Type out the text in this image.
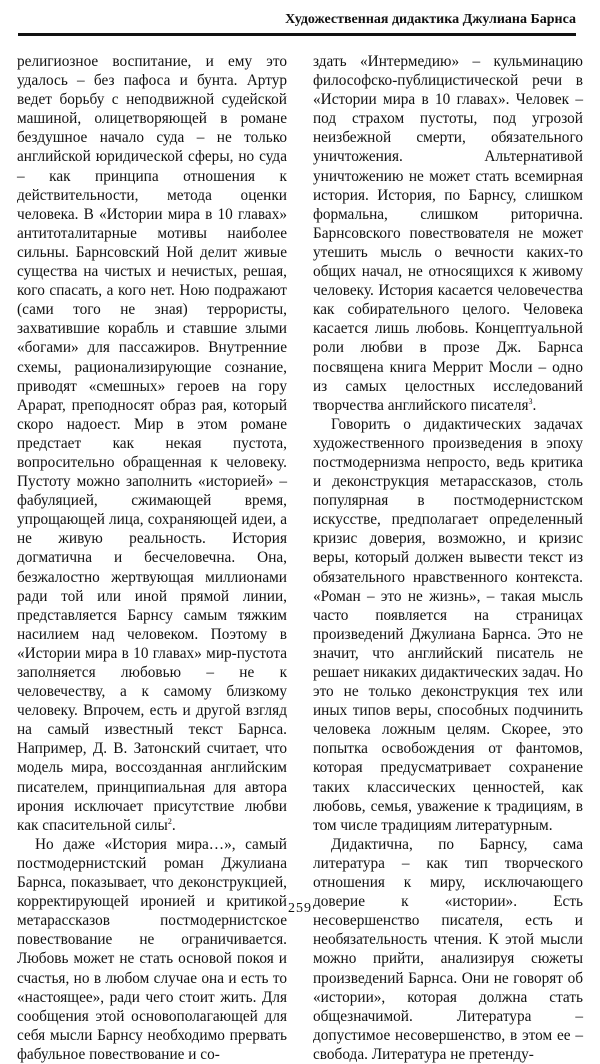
Художественная дидактика Джулиана Барнса

религиозное воспитание, и ему это удалось – без пафоса и бунта. Артур ведет борьбу с неподвижной судейской машиной, олицетворяющей в романе бездушное начало суда – не только английской юридической сферы, но суда – как принципа отношения к действительности, метода оценки человека. В «Истории мира в 10 главах» антитоталитарные мотивы наиболее сильны. Барнсовский Ной делит живые существа на чистых и нечистых, решая, кого спасать, а кого нет. Ною подражают (сами того не зная) террористы, захватившие корабль и ставшие злыми «богами» для пассажиров. Внутренние схемы, рационализирующие сознание, приводят «смешных» героев на гору Арарат, преподносят образ рая, который скоро надоест. Мир в этом романе предстает как некая пустота, вопросительно обращенная к человеку. Пустоту можно заполнить «историей» – фабуляцией, сжимающей время, упрощающей лица, сохраняющей идеи, а не живую реальность. История догматична и бесчеловечна. Она, безжалостно жертвующая миллионами ради той или иной прямой линии, представляется Барнсу самым тяжким насилием над человеком. Поэтому в «Истории мира в 10 главах» мир-пустота заполняется любовью – не к человечеству, а к самому близкому человеку. Впрочем, есть и другой взгляд на самый известный текст Барнса. Например, Д. В. Затонский считает, что модель мира, воссозданная английским писателем, принципиальная для автора ирония исключает присутствие любви как спасительной силы$^2$.

Но даже «История мира…», самый постмодернистский роман Джулиана Барнса, показывает, что деконструкцией, корректирующей иронией и критикой метарассказов постмодернистское повествование не ограничивается. Любовь может не стать основой покоя и счастья, но в любом случае она и есть то «настоящее», ради чего стоит жить. Для сообщения этой основополагающей для себя мысли Барнсу необходимо прервать фабульное повествование и со-

здать «Интермедию» – кульминацию философско-публицистической речи в «Истории мира в 10 главах». Человек – под страхом пустоты, под угрозой неизбежной смерти, обязательного уничтожения. Альтернативой уничтожению не может стать всемирная история. История, по Барнсу, слишком формальна, слишком риторична. Барнсовского повествователя не может утешить мысль о вечности каких-то общих начал, не относящихся к живому человеку. История касается человечества как собирательного целого. Человека касается лишь любовь. Концептуальной роли любви в прозе Дж. Барнса посвящена книга Меррит Мосли – одно из самых целостных исследований творчества английского писателя$^3$.

Говорить о дидактических задачах художественного произведения в эпоху постмодернизма непросто, ведь критика и деконструкция метарассказов, столь популярная в постмодернистском искусстве, предполагает определенный кризис доверия, возможно, и кризис веры, который должен вывести текст из обязательного нравственного контекста. «Роман – это не жизнь», – такая мысль часто появляется на страницах произведений Джулиана Барнса. Это не значит, что английский писатель не решает никаких дидактических задач. Но это не только деконструкция тех или иных типов веры, способных подчинить человека ложным целям. Скорее, это попытка освобождения от фантомов, которая предусматривает сохранение таких классических ценностей, как любовь, семья, уважение к традициям, в том числе традициям литературным.

Дидактична, по Барнсу, сама литература – как тип творческого отношения к миру, исключающего доверие к «истории». Есть несовершенство писателя, есть и необязательность чтения. К этой мысли можно прийти, анализируя сюжеты произведений Барнса. Они не говорят об «истории», которая должна стать общезначимой. Литература – допустимое несовершенство, в этом ее – свобода. Литература не претенду-

259
